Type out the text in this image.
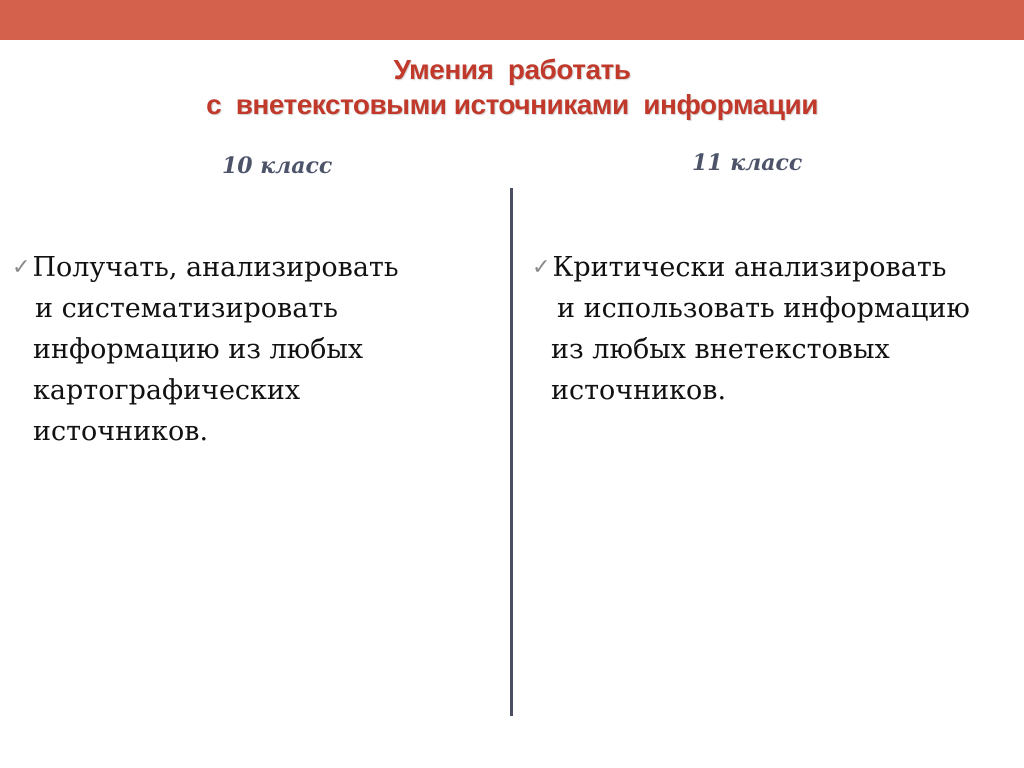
Умения  работать
с  внетекстовыми источниками  информации
10 класс	11 класс
✓Получать, анализировать
и систематизировать
информацию из любых
картографических
источников.
✓Критически анализировать
и использовать информацию
из любых внетекстовых
источников.
